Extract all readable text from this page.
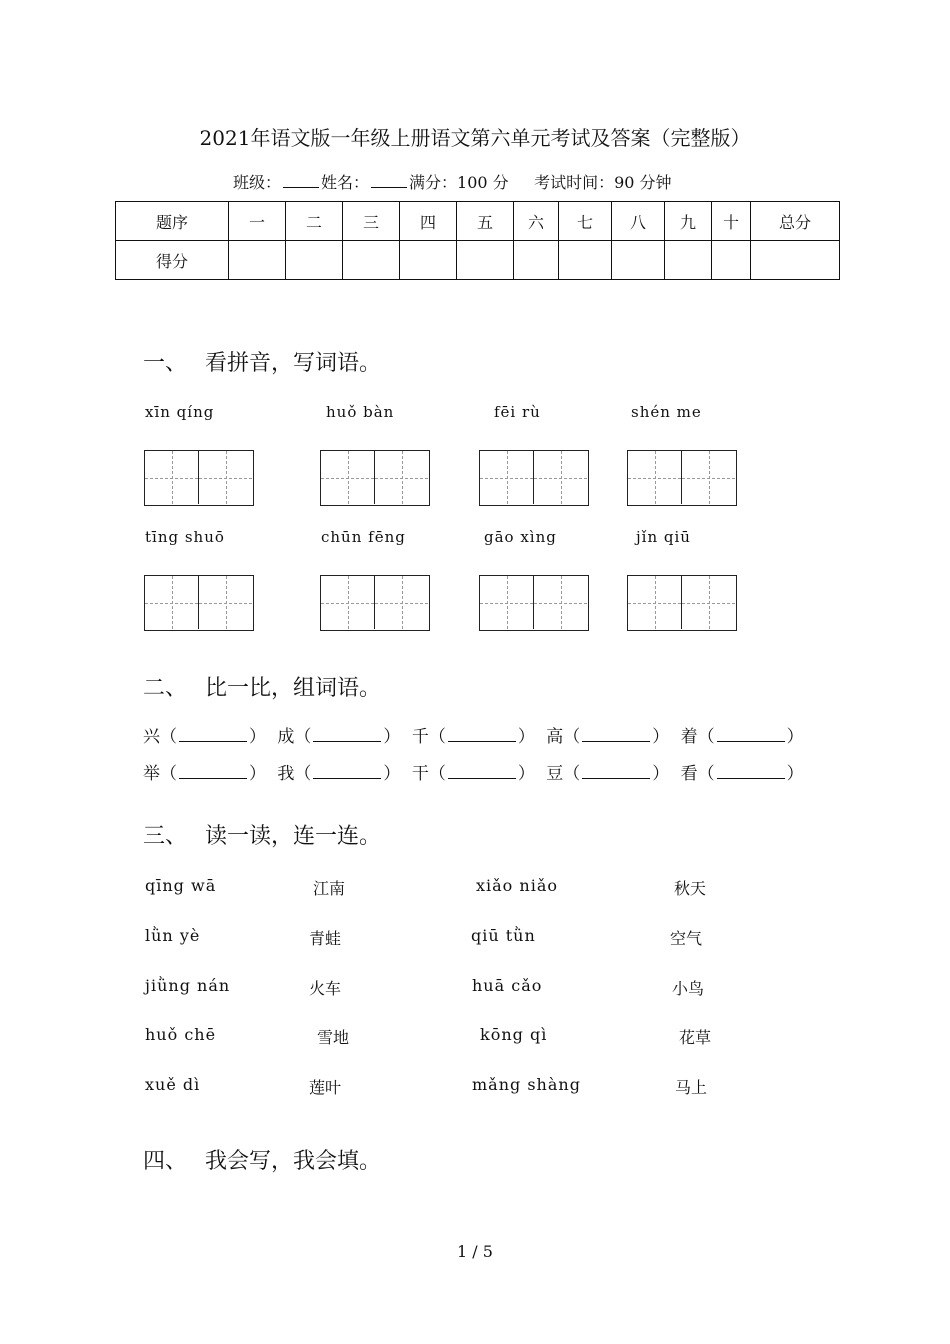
2021年语文版一年级上册语文第六单元考试及答案（完整版）
班级：	姓名：	满分：100 分 考试时间：90 分钟
题序	一	二	三	四	五	六	七	八	九	十	总分
得分											
一、 看拼音，写词语。
xīn qíng	huǒ bàn	fēi rù	shén me
tīng shuō	chūn fēng	gāo xìng	jǐn qiū
二、 比一比，组词语。
兴（	） 成（	） 千（	） 高（	） 着（	）
举（	） 我（	） 干（	） 豆（	） 看（	）
三、 读一读，连一连。
qīng wā	江南	xiǎo niǎo	秋天
lǜn yè	青蛙	qiū tǜn	空气
jiǜng nán	火车	huā cǎo	小鸟
huǒ chē	雪地	kōng qì	花草
xuě dì	莲叶	mǎng shàng	马上
四、 我会写，我会填。
1 / 5
